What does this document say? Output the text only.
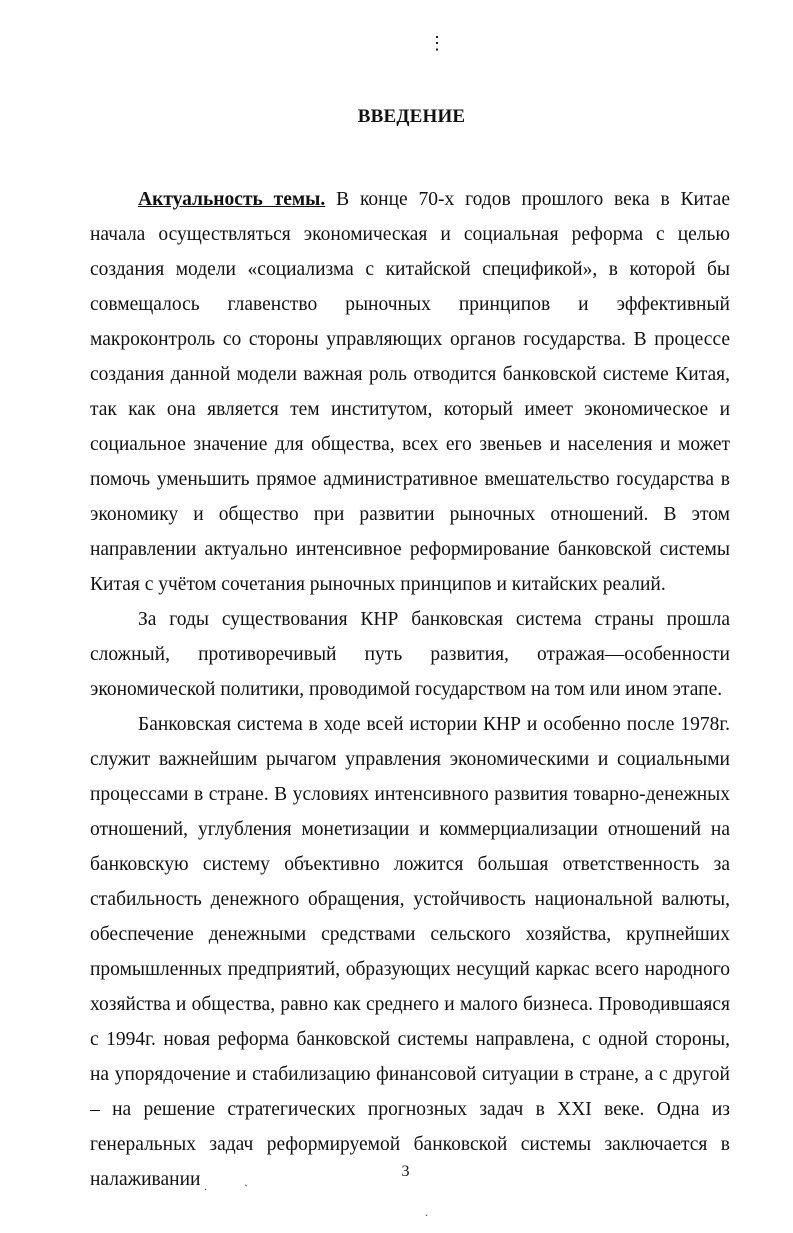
⋮
ВВЕДЕНИЕ

Актуальность темы. В конце 70-х годов прошлого века в Китае начала осуществляться экономическая и социальная реформа с целью создания модели «социализма с китайской спецификой», в которой бы совмещалось главенство рыночных принципов и эффективный макроконтроль со стороны управляющих органов государства. В процессе создания данной модели важная роль отводится банковской системе Китая, так как она является тем институтом, который имеет экономическое и социальное значение для общества, всех его звеньев и населения и может помочь уменьшить прямое административное вмешательство государства в экономику и общество при развитии рыночных отношений. В этом направлении актуально интенсивное реформирование банковской системы Китая с учётом сочетания рыночных принципов и китайских реалий.

За годы существования КНР банковская система страны прошла сложный, противоречивый путь развития, отражая—особенности экономической политики, проводимой государством на том или ином этапе.

Банковская система в ходе всей истории КНР и особенно после 1978г. служит важнейшим рычагом управления экономическими и социальными процессами в стране. В условиях интенсивного развития товарно-денежных отношений, углубления монетизации и коммерциализации отношений на банковскую систему объективно ложится большая ответственность за стабильность денежного обращения, устойчивость национальной валюты, обеспечение денежными средствами сельского хозяйства, крупнейших промышленных предприятий, образующих несущий каркас всего народного хозяйства и общества, равно как среднего и малого бизнеса. Проводившаяся с 1994г. новая реформа банковской системы направлена, с одной стороны, на упорядочение и стабилизацию финансовой ситуации в стране, а с другой – на решение стратегических прогнозных задач в XXI веке. Одна из генеральных задач реформируемой банковской системы заключается в налаживании	3
.	ˎ
.
